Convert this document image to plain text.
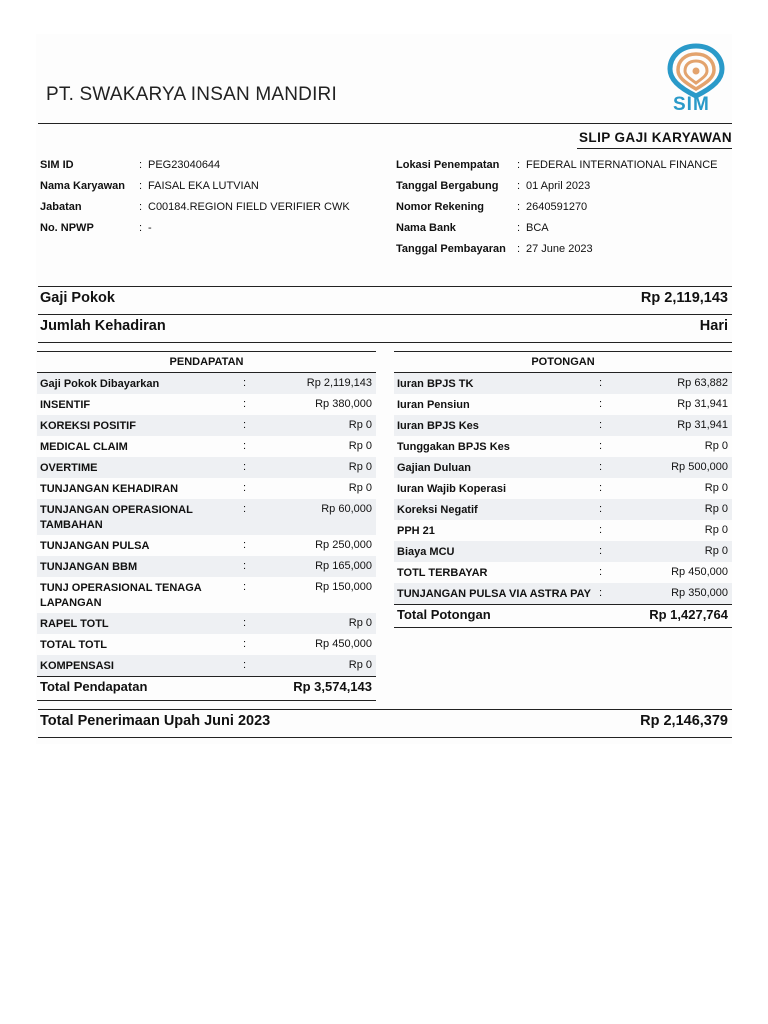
PT. SWAKARYA INSAN MANDIRI	SIM
SLIP GAJI KARYAWAN
SIM ID	: PEG23040644
Nama Karyawan : FAISAL EKA LUTVIAN
Jabatan	: C00184.REGION FIELD VERIFIER CWK
No. NPWP	: -
Lokasi Penempatan : FEDERAL INTERNATIONAL FINANCE
Tanggal Bergabung : 01 April 2023
Nomor Rekening	: 2640591270
Nama Bank	: BCA
Tanggal Pembayaran : 27 June 2023
Gaji Pokok	Rp 2,119,143
Jumlah Kehadiran	Hari
PENDAPATAN
Gaji Pokok Dibayarkan	:	Rp 2,119,143
INSENTIF	:	Rp 380,000
KOREKSI POSITIF	:	Rp 0
MEDICAL CLAIM	:	Rp 0
OVERTIME	:	Rp 0
TUNJANGAN KEHADIRAN	:	Rp 0
TUNJANGAN OPERASIONAL TAMBAHAN
:	Rp 60,000
TUNJANGAN PULSA	:	Rp 250,000
TUNJANGAN BBM	:	Rp 165,000
TUNJ OPERASIONAL TENAGA LAPANGAN
:	Rp 150,000
RAPEL TOTL	:	Rp 0
TOTAL TOTL	:	Rp 450,000
KOMPENSASI	:	Rp 0
Total Pendapatan	Rp 3,574,143
POTONGAN
Iuran BPJS TK	:	Rp 63,882
Iuran Pensiun	:	Rp 31,941
Iuran BPJS Kes	:	Rp 31,941
Tunggakan BPJS Kes	:	Rp 0
Gajian Duluan	:	Rp 500,000
Iuran Wajib Koperasi	:	Rp 0
Koreksi Negatif	:	Rp 0
PPH 21	:	Rp 0
Biaya MCU	:	Rp 0
TOTL TERBAYAR	:	Rp 450,000
TUNJANGAN PULSA VIA ASTRA PAY :	Rp 350,000
Total Potongan	Rp 1,427,764
Total Penerimaan Upah Juni 2023	Rp 2,146,379
